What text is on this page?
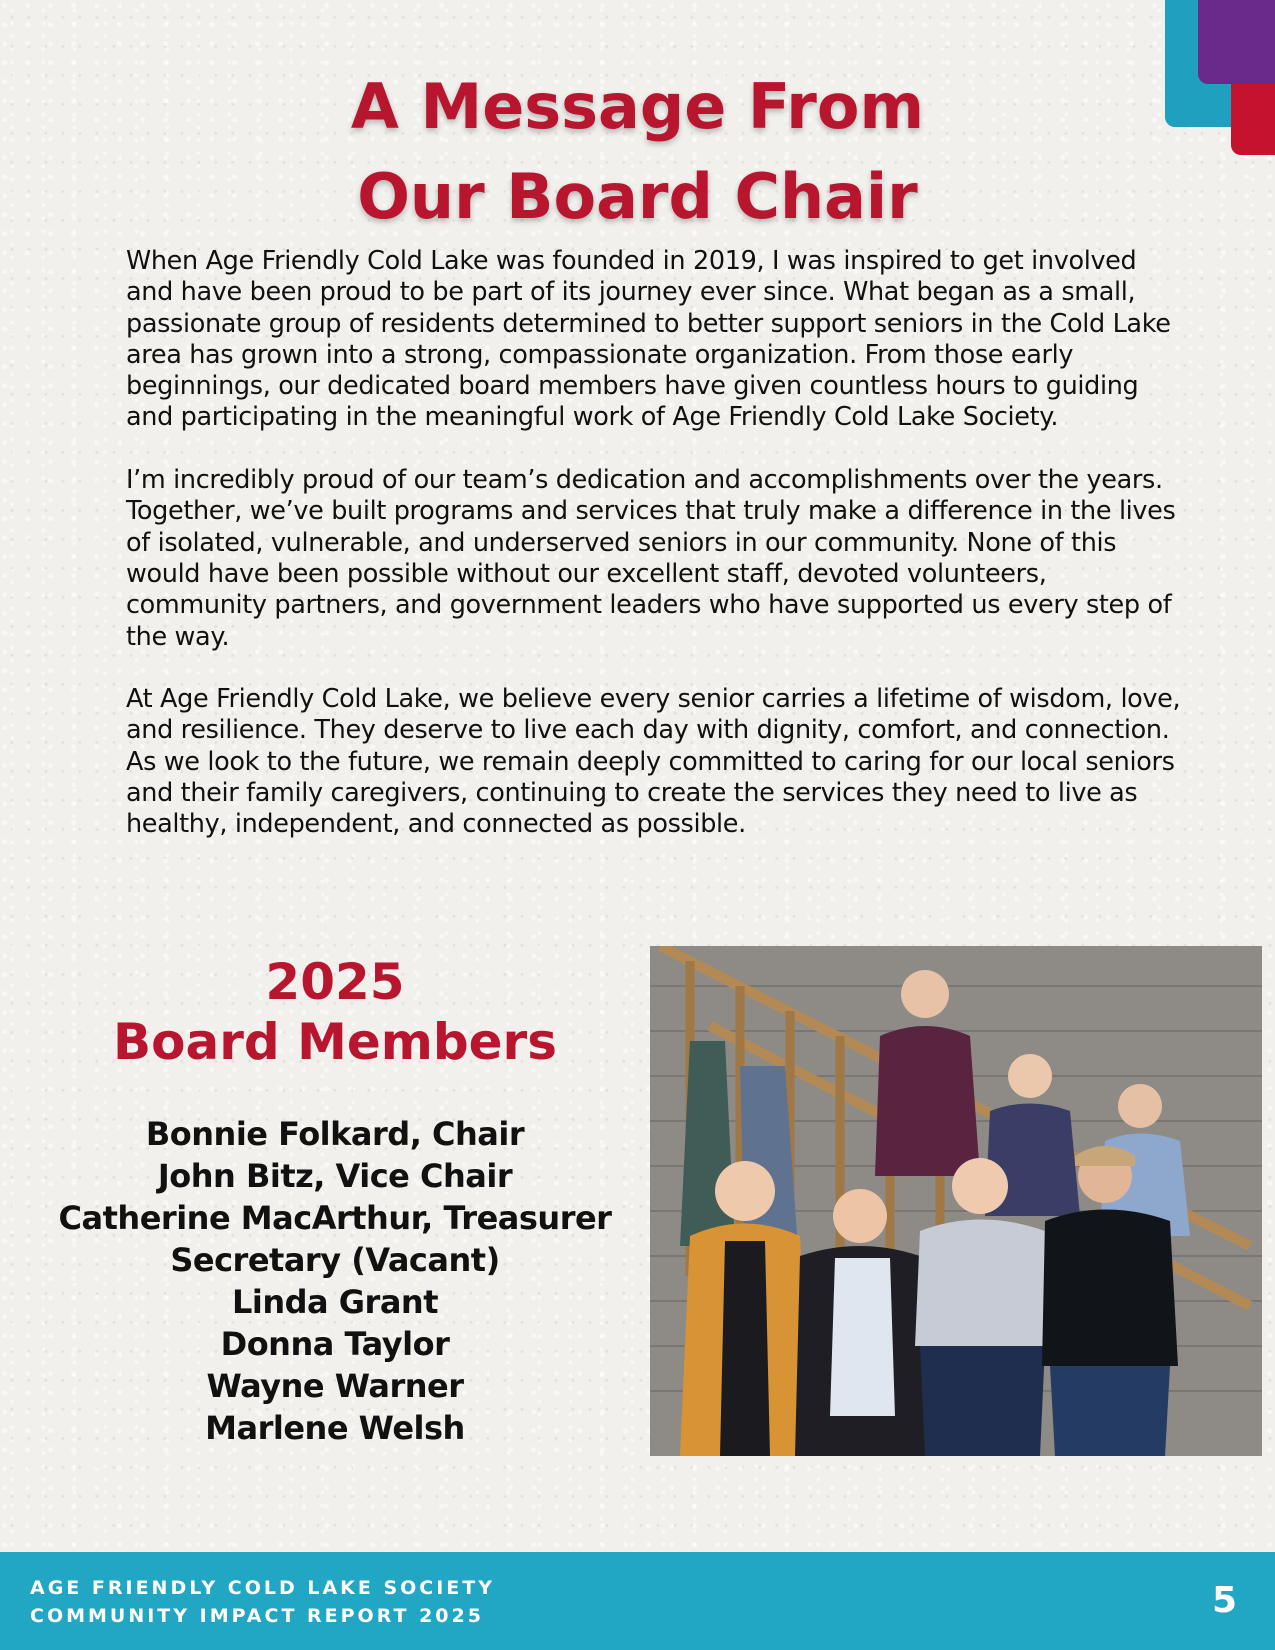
A Message From
Our Board Chair

When Age Friendly Cold Lake was founded in 2019, I was inspired to get involved and have been proud to be part of its journey ever since. What began as a small, passionate group of residents determined to better support seniors in the Cold Lake area has grown into a strong, compassionate organization. From those early beginnings, our dedicated board members have given countless hours to guiding and participating in the meaningful work of Age Friendly Cold Lake Society.

I’m incredibly proud of our team’s dedication and accomplishments over the years. Together, we’ve built programs and services that truly make a difference in the lives of isolated, vulnerable, and underserved seniors in our community. None of this would have been possible without our excellent staff, devoted volunteers, community partners, and government leaders who have supported us every step of the way.

At Age Friendly Cold Lake, we believe every senior carries a lifetime of wisdom, love, and resilience. They deserve to live each day with dignity, comfort, and connection. As we look to the future, we remain deeply committed to caring for our local seniors and their family caregivers, continuing to create the services they need to live as healthy, independent, and connected as possible.

2025
Board Members
Bonnie Folkard, Chair
John Bitz, Vice Chair
Catherine MacArthur, Treasurer
Secretary (Vacant)
Linda Grant
Donna Taylor
Wayne Warner
Marlene Welsh
AGE FRIENDLY COLD LAKE SOCIETY
COMMUNITY IMPACT REPORT 2025	5
